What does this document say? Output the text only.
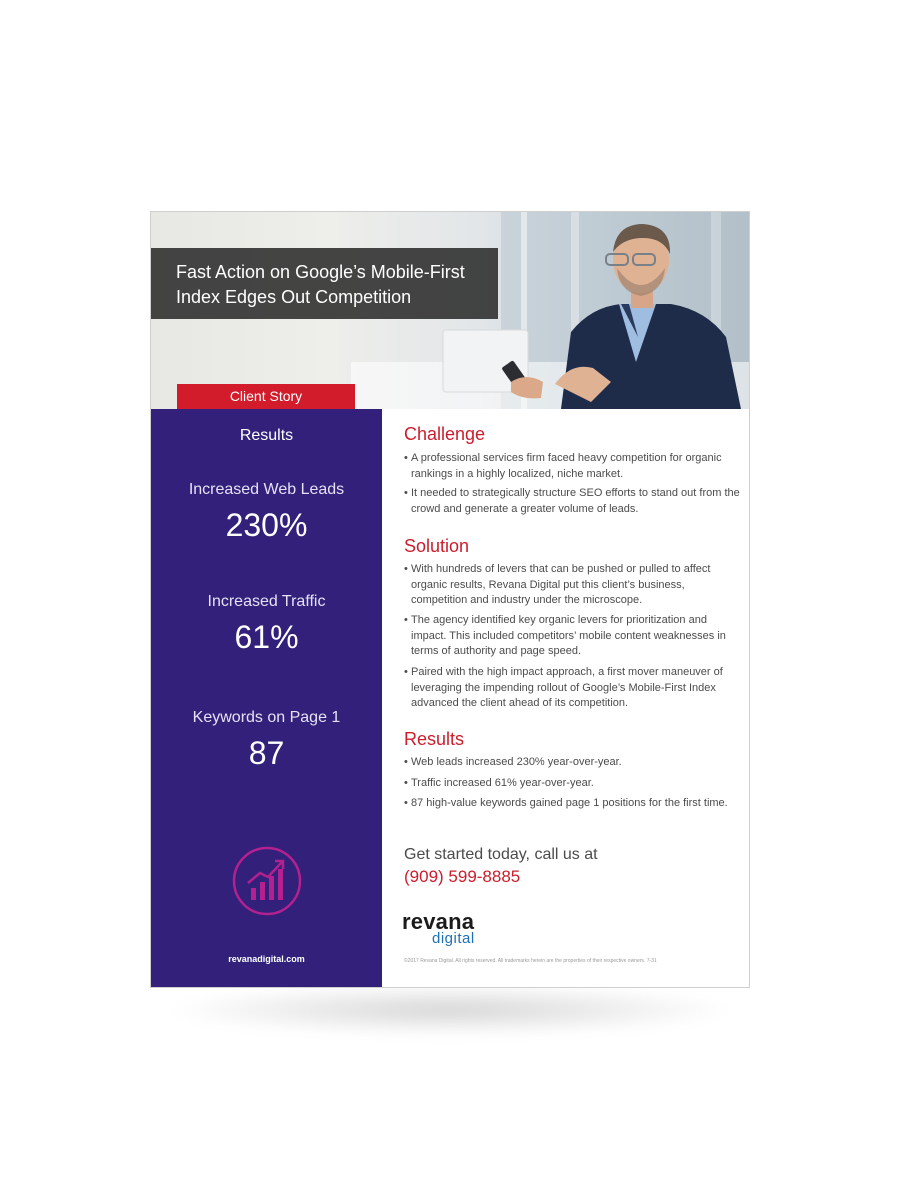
Fast Action on Google’s Mobile-First
Index Edges Out Competition
Client Story
Results
Increased Web Leads
230%
Increased Traffic
61%
Keywords on Page 1
87
revanadigital.com
Challenge
• A professional services firm faced heavy competition for organic rankings in a highly localized, niche market.
• It needed to strategically structure SEO efforts to stand out from the crowd and generate a greater volume of leads.
Solution
• With hundreds of levers that can be pushed or pulled to affect organic results, Revana Digital put this client’s business, competition and industry under the microscope.
• The agency identified key organic levers for prioritization and impact. This included competitors’ mobile content weaknesses in terms of authority and page speed.
• Paired with the high impact approach, a first mover maneuver of leveraging the impending rollout of Google’s Mobile-First Index advanced the client ahead of its competition.
Results
• Web leads increased 230% year-over-year.
• Traffic increased 61% year-over-year.
• 87 high-value keywords gained page 1 positions for the first time.
Get started today, call us at
(909) 599-8885
revana
digital
©2017 Revana Digital. All rights reserved. All trademarks herein are the properties of their respective owners. 7-31
